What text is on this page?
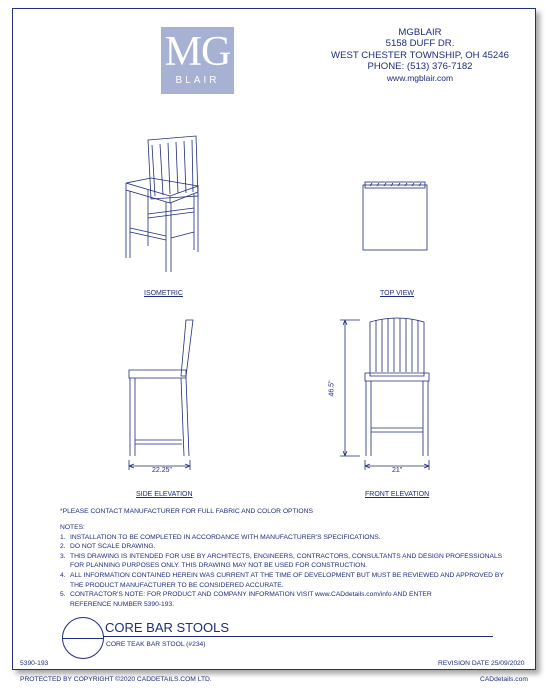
MG
BLAIR
MGBLAIR
5158 DUFF DR.
WEST CHESTER TOWNSHIP, OH 45246
PHONE: (513) 376-7182
www.mgblair.com
ISOMETRIC	TOP VIEW
SIDE ELEVATION	FRONT ELEVATION
22.25"	21"
46.5"
*PLEASE CONTACT MANUFACTURER FOR FULL FABRIC AND COLOR OPTIONS
NOTES:
1. INSTALLATION TO BE COMPLETED IN ACCORDANCE WITH MANUFACTURER'S SPECIFICATIONS.
2. DO NOT SCALE DRAWING.
3. THIS DRAWING IS INTENDED FOR USE BY ARCHITECTS, ENGINEERS, CONTRACTORS, CONSULTANTS AND DESIGN PROFESSIONALS
FOR PLANNING PURPOSES ONLY. THIS DRAWING MAY NOT BE USED FOR CONSTRUCTION.
4. ALL INFORMATION CONTAINED HEREIN WAS CURRENT AT THE TIME OF DEVELOPMENT BUT MUST BE REVIEWED AND APPROVED BY
THE PRODUCT MANUFACTURER TO BE CONSIDERED ACCURATE.
5. CONTRACTOR'S NOTE: FOR PRODUCT AND COMPANY INFORMATION VISIT www.CADdetails.com/info AND ENTER
REFERENCE NUMBER 5390-193.
CORE BAR STOOLS
CORE TEAK BAR STOOL (#234)
5390-193	REVISION DATE 25/09/2020
PROTECTED BY COPYRIGHT ©2020 CADDETAILS.COM LTD.	CADdetails.com
